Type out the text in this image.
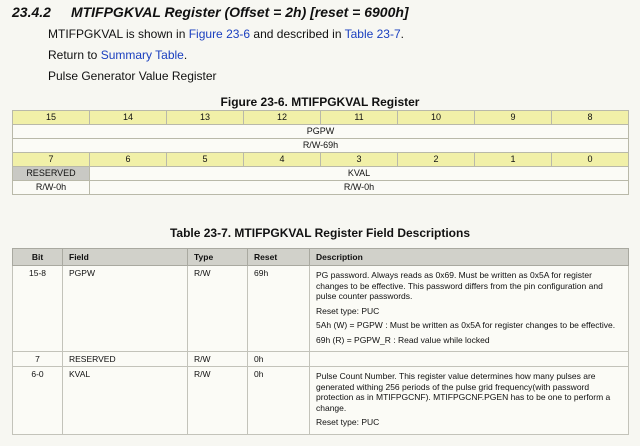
23.4.2 MTIFPGKVAL Register (Offset = 2h) [reset = 6900h]
MTIFPGKVAL is shown in Figure 23-6 and described in Table 23-7.
Return to Summary Table.
Pulse Generator Value Register
Figure 23-6. MTIFPGKVAL Register
15	14	13	12	11	10	9	8
PGPW							
R/W-69h							
7	6	5	4	3	2	1	0
RESERVED	KVAL						
R/W-0h	R/W-0h						
Table 23-7. MTIFPGKVAL Register Field Descriptions
Bit	Field	Type	Reset	Description
15-8	PGPW	R/W	69h	PG password. Always reads as 0x69. Must be written as 0x5A for register changes to be effective. This password differs from the pin configuration and pulse counter passwords.

Reset type: PUC

5Ah (W) = PGPW : Must be written as 0x5A for register changes to be effective.

69h (R) = PGPW_R : Read value while locked

7	RESERVED	R/W	0h	
6-0	KVAL	R/W	0h	Pulse Count Number. This register value determines how many pulses are generated withing 256 periods of the pulse grid frequency(with password protection as in MTIFPGCNF). MTIFPGCNF.PGEN has to be one to perform a change.

Reset type: PUC
